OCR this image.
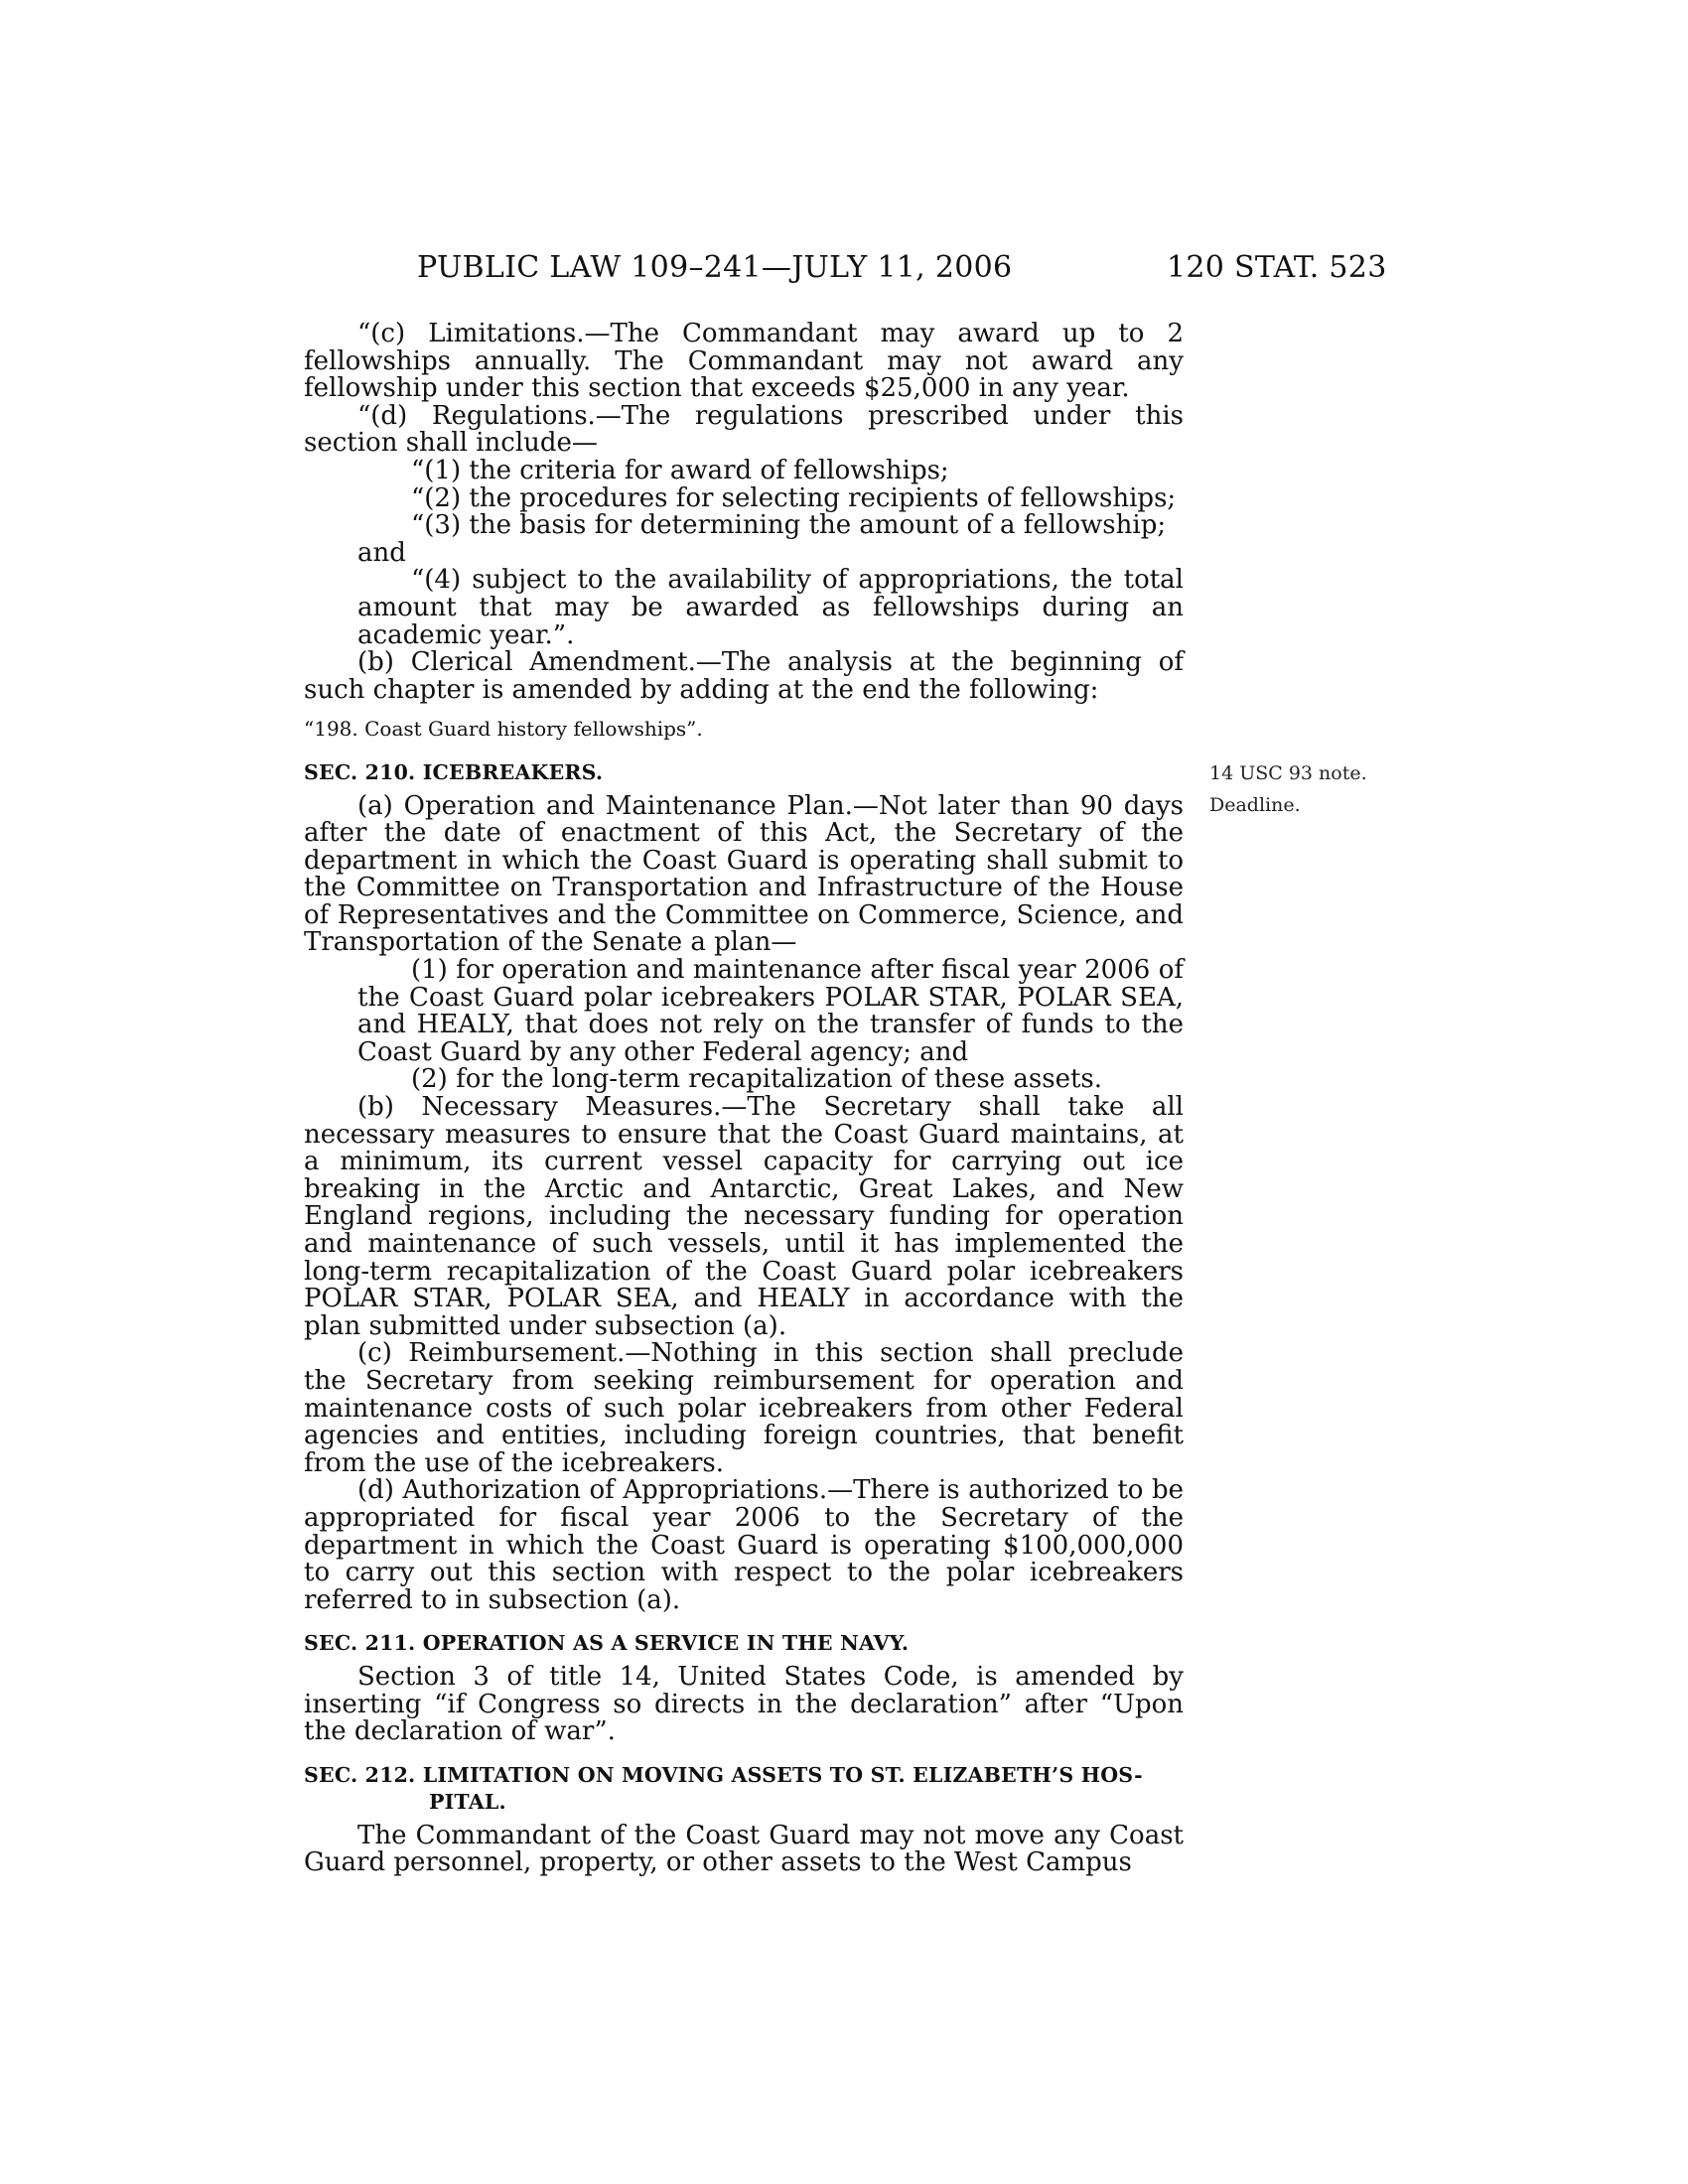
PUBLIC LAW 109–241—JULY 11, 2006	120 STAT. 523
14 USC 93 note.
Deadline.

“(c) Limitations.—The Commandant may award up to 2 fellowships annually. The Commandant may not award any fellowship under this section that exceeds $25,000 in any year.

“(d) Regulations.—The regulations prescribed under this section shall include—

“(1) the criteria for award of fellowships;

“(2) the procedures for selecting recipients of fellowships;

“(3) the basis for determining the amount of a fellowship;

and

“(4) subject to the availability of appropriations, the total amount that may be awarded as fellowships during an academic year.”.

(b) Clerical Amendment.—The analysis at the beginning of such chapter is amended by adding at the end the following:

“198. Coast Guard history fellowships”.

SEC. 210. ICEBREAKERS.

(a) Operation and Maintenance Plan.—Not later than 90 days after the date of enactment of this Act, the Secretary of the department in which the Coast Guard is operating shall submit to the Committee on Transportation and Infrastructure of the House of Representatives and the Committee on Commerce, Science, and Transportation of the Senate a plan—

(1) for operation and maintenance after fiscal year 2006 of the Coast Guard polar icebreakers POLAR STAR, POLAR SEA, and HEALY, that does not rely on the transfer of funds to the Coast Guard by any other Federal agency; and

(2) for the long-term recapitalization of these assets.

(b) Necessary Measures.—The Secretary shall take all necessary measures to ensure that the Coast Guard maintains, at a minimum, its current vessel capacity for carrying out ice breaking in the Arctic and Antarctic, Great Lakes, and New England regions, including the necessary funding for operation and maintenance of such vessels, until it has implemented the long-term recapitalization of the Coast Guard polar icebreakers POLAR STAR, POLAR SEA, and HEALY in accordance with the plan submitted under subsection (a).

(c) Reimbursement.—Nothing in this section shall preclude the Secretary from seeking reimbursement for operation and maintenance costs of such polar icebreakers from other Federal agencies and entities, including foreign countries, that benefit from the use of the icebreakers.

(d) Authorization of Appropriations.—There is authorized to be appropriated for fiscal year 2006 to the Secretary of the department in which the Coast Guard is operating $100,000,000 to carry out this section with respect to the polar icebreakers referred to in subsection (a).

SEC. 211. OPERATION AS A SERVICE IN THE NAVY.

Section 3 of title 14, United States Code, is amended by inserting “if Congress so directs in the declaration” after “Upon the declaration of war”.

SEC. 212. LIMITATION ON MOVING ASSETS TO ST. ELIZABETH’S HOS-
PITAL.

The Commandant of the Coast Guard may not move any Coast Guard personnel, property, or other assets to the West Campus
